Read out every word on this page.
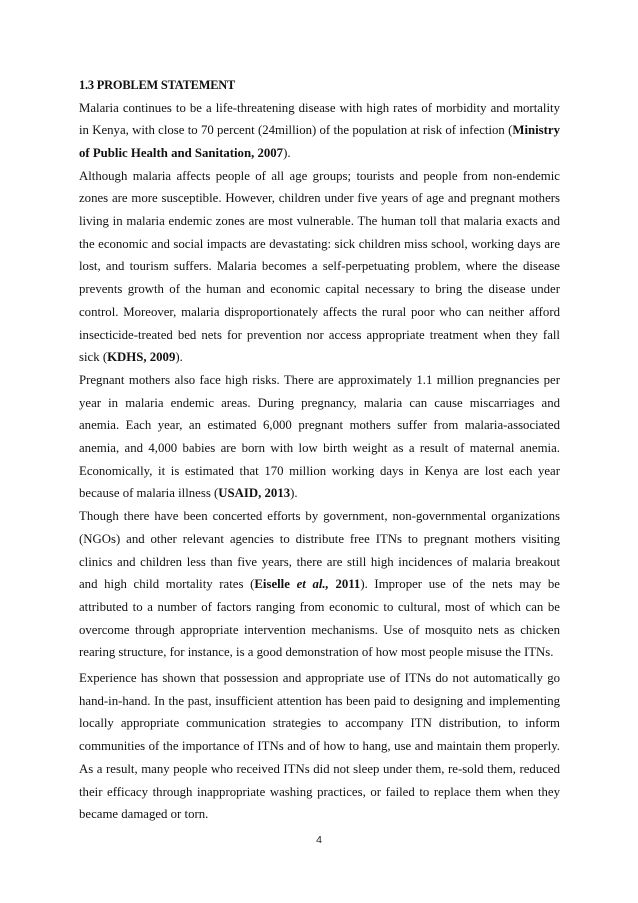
1.3 PROBLEM STATEMENT

Malaria continues to be a life-threatening disease with high rates of morbidity and mortality in Kenya, with close to 70 percent (24million) of the population at risk of infection (Ministry of Public Health and Sanitation, 2007).

Although malaria affects people of all age groups; tourists and people from non-endemic zones are more susceptible. However, children under five years of age and pregnant mothers living in malaria endemic zones are most vulnerable. The human toll that malaria exacts and the economic and social impacts are devastating: sick children miss school, working days are lost, and tourism suffers. Malaria becomes a self-perpetuating problem, where the disease prevents growth of the human and economic capital necessary to bring the disease under control. Moreover, malaria disproportionately affects the rural poor who can neither afford insecticide-treated bed nets for prevention nor access appropriate treatment when they fall sick (KDHS, 2009).

Pregnant mothers also face high risks. There are approximately 1.1 million pregnancies per year in malaria endemic areas. During pregnancy, malaria can cause miscarriages and anemia. Each year, an estimated 6,000 pregnant mothers suffer from malaria-associated anemia, and 4,000 babies are born with low birth weight as a result of maternal anemia. Economically, it is estimated that 170 million working days in Kenya are lost each year because of malaria illness (USAID, 2013).

Though there have been concerted efforts by government, non-governmental organizations (NGOs) and other relevant agencies to distribute free ITNs to pregnant mothers visiting clinics and children less than five years, there are still high incidences of malaria breakout and high child mortality rates (Eiselle et al., 2011). Improper use of the nets may be attributed to a number of factors ranging from economic to cultural, most of which can be overcome through appropriate intervention mechanisms. Use of mosquito nets as chicken rearing structure, for instance, is a good demonstration of how most people misuse the ITNs.

Experience has shown that possession and appropriate use of ITNs do not automatically go hand-in-hand. In the past, insufficient attention has been paid to designing and implementing locally appropriate communication strategies to accompany ITN distribution, to inform communities of the importance of ITNs and of how to hang, use and maintain them properly. As a result, many people who received ITNs did not sleep under them, re-sold them, reduced their efficacy through inappropriate washing practices, or failed to replace them when they became damaged or torn.

4
